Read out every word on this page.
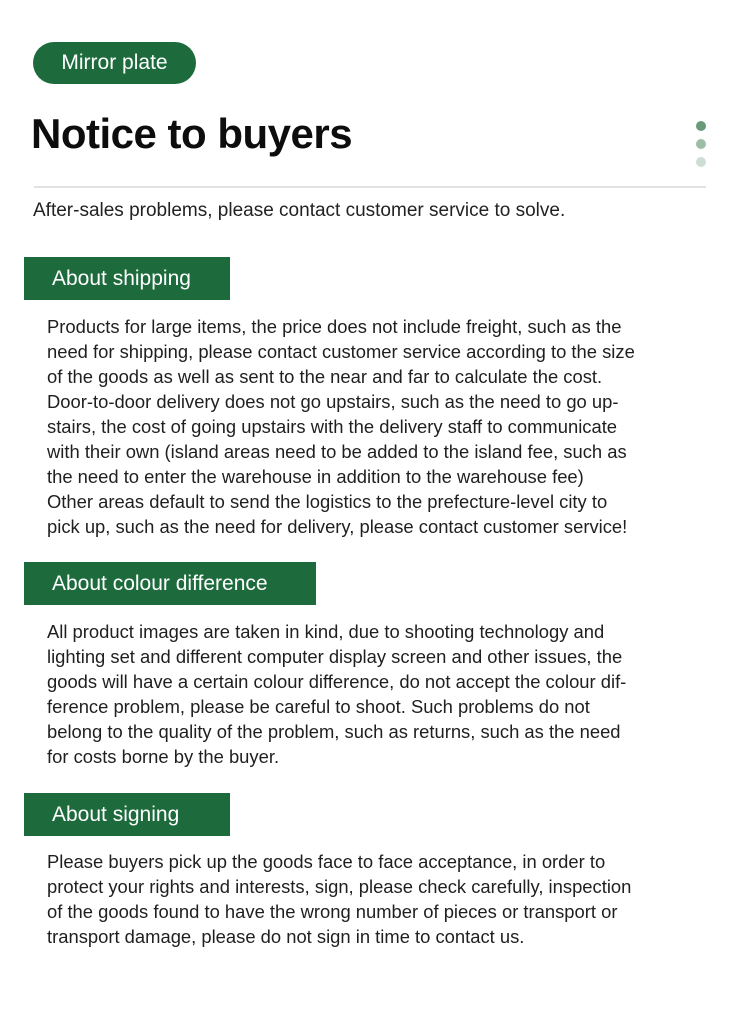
Mirror plate
Notice to buyers
After-sales problems, please contact customer service to solve.
About shipping

Products for large items, the price does not include freight, such as the
need for shipping, please contact customer service according to the size
of the goods as well as sent to the near and far to calculate the cost.
Door-to-door delivery does not go upstairs, such as the need to go up-
stairs, the cost of going upstairs with the delivery staff to communicate
with their own (island areas need to be added to the island fee, such as
the need to enter the warehouse in addition to the warehouse fee)
Other areas default to send the logistics to the prefecture-level city to
pick up, such as the need for delivery, please contact customer service!

About colour difference

All product images are taken in kind, due to shooting technology and
lighting set and different computer display screen and other issues, the
goods will have a certain colour difference, do not accept the colour dif-
ference problem, please be careful to shoot. Such problems do not
belong to the quality of the problem, such as returns, such as the need
for costs borne by the buyer.

About signing

Please buyers pick up the goods face to face acceptance, in order to
protect your rights and interests, sign, please check carefully, inspection
of the goods found to have the wrong number of pieces or transport or
transport damage, please do not sign in time to contact us.
